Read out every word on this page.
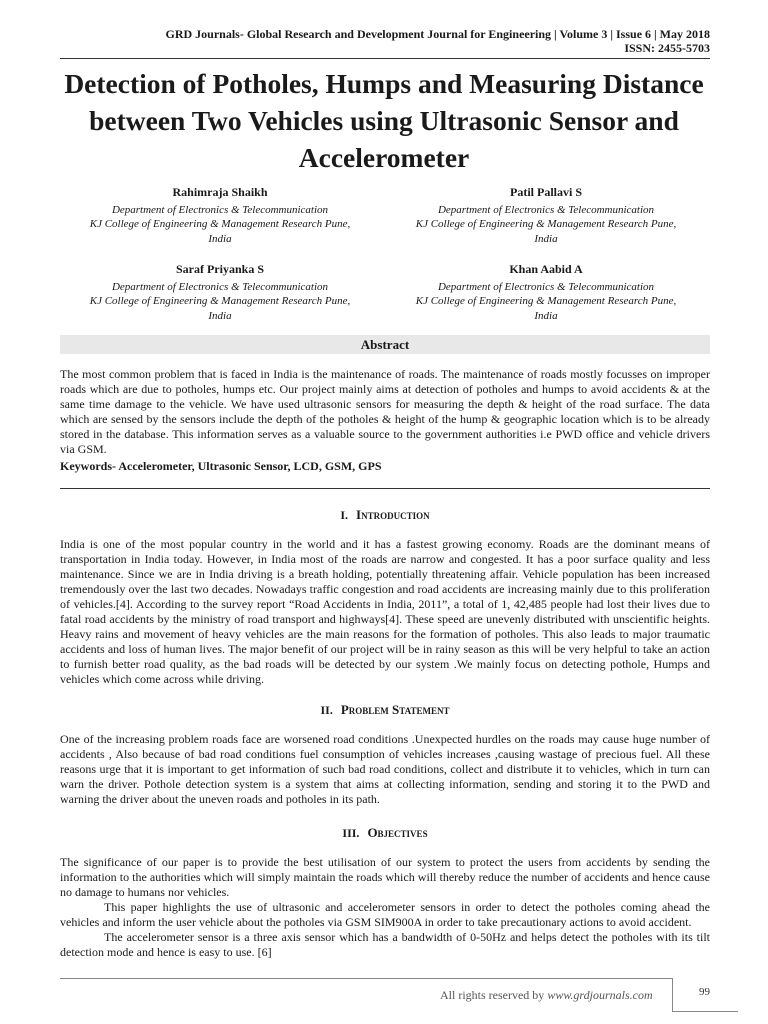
GRD Journals- Global Research and Development Journal for Engineering | Volume 3 | Issue 6 | May 2018
ISSN: 2455-5703
Detection of Potholes, Humps and Measuring Distance between Two Vehicles using Ultrasonic Sensor and Accelerometer
Rahimraja Shaikh
Department of Electronics & Telecommunication
KJ College of Engineering & Management Research Pune,
India
Patil Pallavi S
Department of Electronics & Telecommunication
KJ College of Engineering & Management Research Pune,
India
Saraf Priyanka S
Department of Electronics & Telecommunication
KJ College of Engineering & Management Research Pune,
India
Khan Aabid A
Department of Electronics & Telecommunication
KJ College of Engineering & Management Research Pune,
India
Abstract
The most common problem that is faced in India is the maintenance of roads. The maintenance of roads mostly focusses on improper roads which are due to potholes, humps etc. Our project mainly aims at detection of potholes and humps to avoid accidents & at the same time damage to the vehicle. We have used ultrasonic sensors for measuring the depth & height of the road surface. The data which are sensed by the sensors include the depth of the potholes & height of the hump & geographic location which is to be already stored in the database. This information serves as a valuable source to the government authorities i.e PWD office and vehicle drivers via GSM.
Keywords- Accelerometer, Ultrasonic Sensor, LCD, GSM, GPS
I. Introduction
India is one of the most popular country in the world and it has a fastest growing economy. Roads are the dominant means of transportation in India today. However, in India most of the roads are narrow and congested. It has a poor surface quality and less maintenance. Since we are in India driving is a breath holding, potentially threatening affair. Vehicle population has been increased tremendously over the last two decades. Nowadays traffic congestion and road accidents are increasing mainly due to this proliferation of vehicles.[4]. According to the survey report “Road Accidents in India, 2011”, a total of 1, 42,485 people had lost their lives due to fatal road accidents by the ministry of road transport and highways[4]. These speed are unevenly distributed with unscientific heights. Heavy rains and movement of heavy vehicles are the main reasons for the formation of potholes. This also leads to major traumatic accidents and loss of human lives. The major benefit of our project will be in rainy season as this will be very helpful to take an action to furnish better road quality, as the bad roads will be detected by our system .We mainly focus on detecting pothole, Humps and vehicles which come across while driving.
II. Problem Statement
One of the increasing problem roads face are worsened road conditions .Unexpected hurdles on the roads may cause huge number of accidents , Also because of bad road conditions fuel consumption of vehicles increases ,causing wastage of precious fuel. All these reasons urge that it is important to get information of such bad road conditions, collect and distribute it to vehicles, which in turn can warn the driver. Pothole detection system is a system that aims at collecting information, sending and storing it to the PWD and warning the driver about the uneven roads and potholes in its path.
III. Objectives
The significance of our paper is to provide the best utilisation of our system to protect the users from accidents by sending the information to the authorities which will simply maintain the roads which will thereby reduce the number of accidents and hence cause no damage to humans nor vehicles.
This paper highlights the use of ultrasonic and accelerometer sensors in order to detect the potholes coming ahead the vehicles and inform the user vehicle about the potholes via GSM SIM900A in order to take precautionary actions to avoid accident.
The accelerometer sensor is a three axis sensor which has a bandwidth of 0-50Hz and helps detect the potholes with its tilt detection mode and hence is easy to use. [6]
All rights reserved by www.grdjournals.com	99
